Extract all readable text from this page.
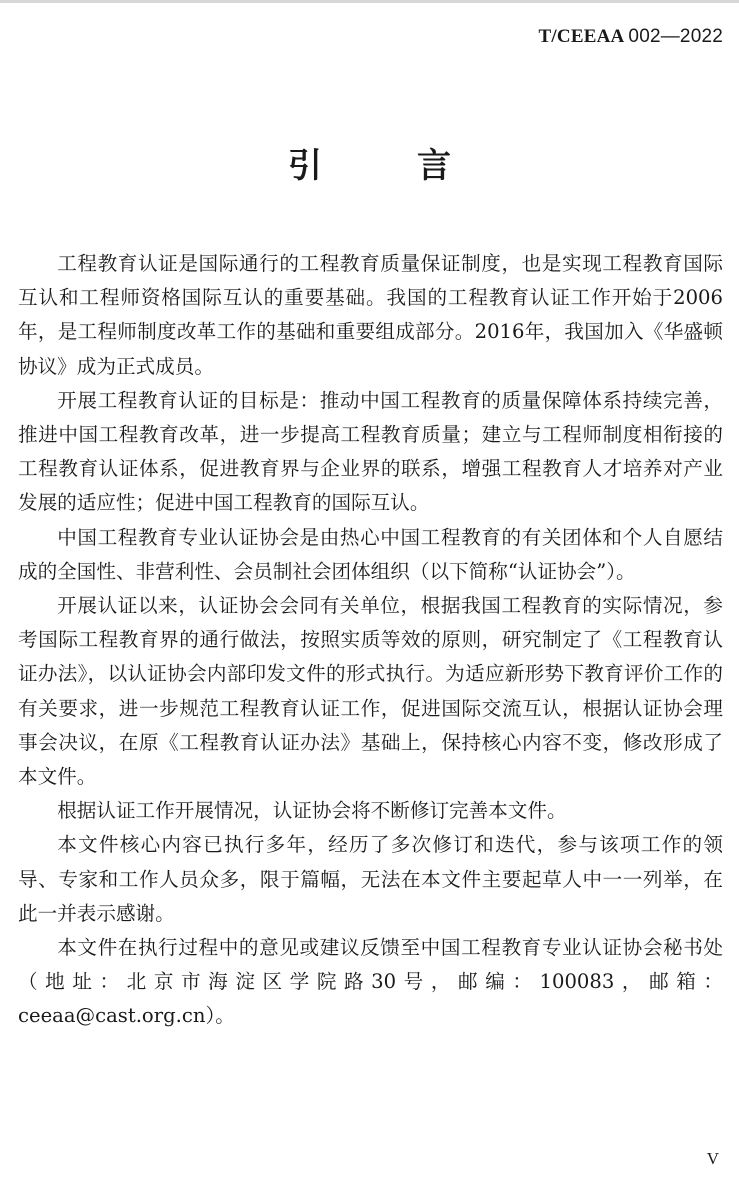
T/CEEAA 002—2022
引	言

工程教育认证是国际通行的工程教育质量保证制度，也是实现工程教育国际互认和工程师资格国际互认的重要基础。我国的工程教育认证工作开始于2006年，是工程师制度改革工作的基础和重要组成部分。2016年，我国加入《华盛顿协议》成为正式成员。

开展工程教育认证的目标是：推动中国工程教育的质量保障体系持续完善，推进中国工程教育改革，进一步提高工程教育质量；建立与工程师制度相衔接的工程教育认证体系，促进教育界与企业界的联系，增强工程教育人才培养对产业发展的适应性；促进中国工程教育的国际互认。

中国工程教育专业认证协会是由热心中国工程教育的有关团体和个人自愿结成的全国性、非营利性、会员制社会团体组织（以下简称“认证协会”）。

开展认证以来，认证协会会同有关单位，根据我国工程教育的实际情况，参考国际工程教育界的通行做法，按照实质等效的原则，研究制定了《工程教育认证办法》，以认证协会内部印发文件的形式执行。为适应新形势下教育评价工作的有关要求，进一步规范工程教育认证工作，促进国际交流互认，根据认证协会理事会决议，在原《工程教育认证办法》基础上，保持核心内容不变，修改形成了本文件。

根据认证工作开展情况，认证协会将不断修订完善本文件。

本文件核心内容已执行多年，经历了多次修订和迭代，参与该项工作的领导、专家和工作人员众多，限于篇幅，无法在本文件主要起草人中一一列举，在此一并表示感谢。

本文件在执行过程中的意见或建议反馈至中国工程教育专业认证协会秘书处（地址：北京市海淀区学院路30号，邮编：100083，邮箱：ceeaa@cast.org.cn）。

V
